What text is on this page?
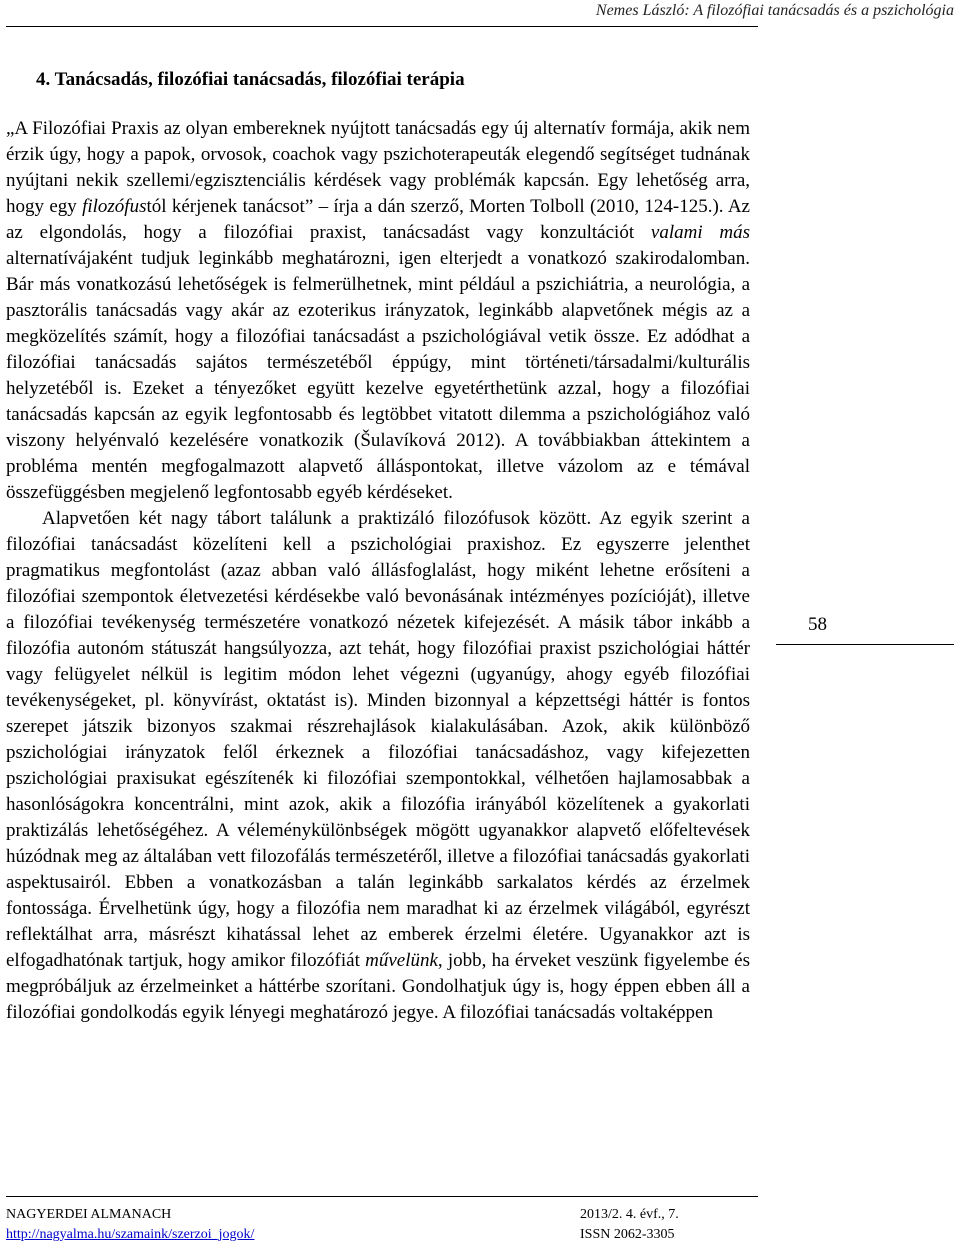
Nemes László: A filozófiai tanácsadás és a pszichológia
4. Tanácsadás, filozófiai tanácsadás, filozófiai terápia

„A Filozófiai Praxis az olyan embereknek nyújtott tanácsadás egy új alternatív formája, akik nem érzik úgy, hogy a papok, orvosok, coachok vagy pszichoterapeuták elegendő segítséget tudnának nyújtani nekik szellemi/egzisztenciális kérdések vagy problémák kapcsán. Egy lehetőség arra, hogy egy filozófustól kérjenek tanácsot” – írja a dán szerző, Morten Tolboll (2010, 124-125.). Az az elgondolás, hogy a filozófiai praxist, tanácsadást vagy konzultációt valami más alternatívájaként tudjuk leginkább meghatározni, igen elterjedt a vonatkozó szakirodalomban. Bár más vonatkozású lehetőségek is felmerülhetnek, mint például a pszichiátria, a neurológia, a pasztorális tanácsadás vagy akár az ezoterikus irányzatok, leginkább alapvetőnek mégis az a megközelítés számít, hogy a filozófiai tanácsadást a pszichológiával vetik össze. Ez adódhat a filozófiai tanácsadás sajátos természetéből éppúgy, mint történeti/társadalmi/kulturális helyzetéből is. Ezeket a tényezőket együtt kezelve egyetérthetünk azzal, hogy a filozófiai tanácsadás kapcsán az egyik legfontosabb és legtöbbet vitatott dilemma a pszichológiához való viszony helyénvaló kezelésére vonatkozik (Šulavíková 2012). A továbbiakban áttekintem a probléma mentén megfogalmazott alapvető álláspontokat, illetve vázolom az e témával összefüggésben megjelenő legfontosabb egyéb kérdéseket.

Alapvetően két nagy tábort találunk a praktizáló filozófusok között. Az egyik szerint a filozófiai tanácsadást közelíteni kell a pszichológiai praxishoz. Ez egyszerre jelenthet pragmatikus megfontolást (azaz abban való állásfoglalást, hogy miként lehetne erősíteni a filozófiai szempontok életvezetési kérdésekbe való bevonásának intézményes pozícióját), illetve a filozófiai tevékenység természetére vonatkozó nézetek kifejezését. A másik tábor inkább a filozófia autonóm státuszát hangsúlyozza, azt tehát, hogy filozófiai praxist pszichológiai háttér vagy felügyelet nélkül is legitim módon lehet végezni (ugyanúgy, ahogy egyéb filozófiai tevékenységeket, pl. könyvírást, oktatást is). Minden bizonnyal a képzettségi háttér is fontos szerepet játszik bizonyos szakmai részrehajlások kialakulásában. Azok, akik különböző pszichológiai irányzatok felől érkeznek a filozófiai tanácsadáshoz, vagy kifejezetten pszichológiai praxisukat egészítenék ki filozófiai szempontokkal, vélhetően hajlamosabbak a hasonlóságokra koncentrálni, mint azok, akik a filozófia irányából közelítenek a gyakorlati praktizálás lehetőségéhez. A véleménykülönbségek mögött ugyanakkor alapvető előfeltevések húzódnak meg az általában vett filozofálás természetéről, illetve a filozófiai tanácsadás gyakorlati aspektusairól. Ebben a vonatkozásban a talán leginkább sarkalatos kérdés az érzelmek fontossága. Érvelhetünk úgy, hogy a filozófia nem maradhat ki az érzelmek világából, egyrészt reflektálhat arra, másrészt kihatással lehet az emberek érzelmi életére. Ugyanakkor azt is elfogadhatónak tartjuk, hogy amikor filozófiát művelünk, jobb, ha érveket veszünk figyelembe és megpróbáljuk az érzelmeinket a háttérbe szorítani. Gondolhatjuk úgy is, hogy éppen ebben áll a filozófiai gondolkodás egyik lényegi meghatározó jegye. A filozófiai tanácsadás voltaképpen

58
NAGYERDEI ALMANACH	2013/2. 4. évf., 7.
http://nagyalma.hu/szamaink/szerzoi_jogok/	ISSN 2062-3305
